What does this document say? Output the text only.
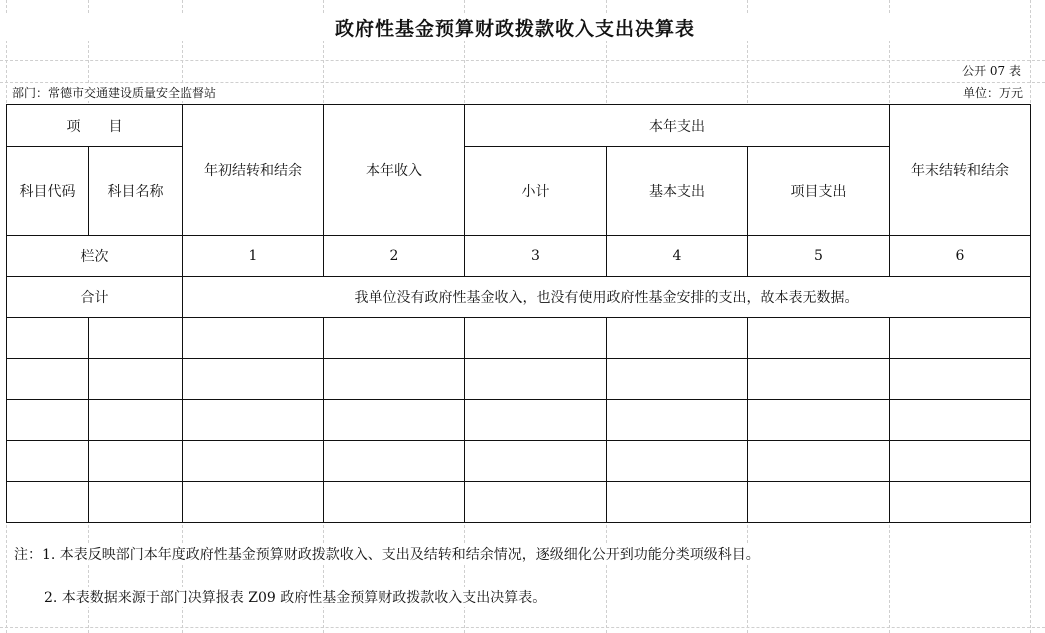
政府性基金预算财政拨款收入支出决算表
公开 07 表
部门：常德市交通建设质量安全监督站	单位：万元
项　　目		年初结转和结余	本年收入	本年支出			年末结转和结余
科目代码	科目名称			小计	基本支出	项目支出	
栏次		1	2	3	4	5	6
合计		我单位没有政府性基金收入，也没有使用政府性基金安排的支出，故本表无数据。					

注：1. 本表反映部门本年度政府性基金预算财政拨款收入、支出及结转和结余情况，逐级细化公开到功能分类项级科目。
2. 本表数据来源于部门决算报表 Z09 政府性基金预算财政拨款收入支出决算表。
